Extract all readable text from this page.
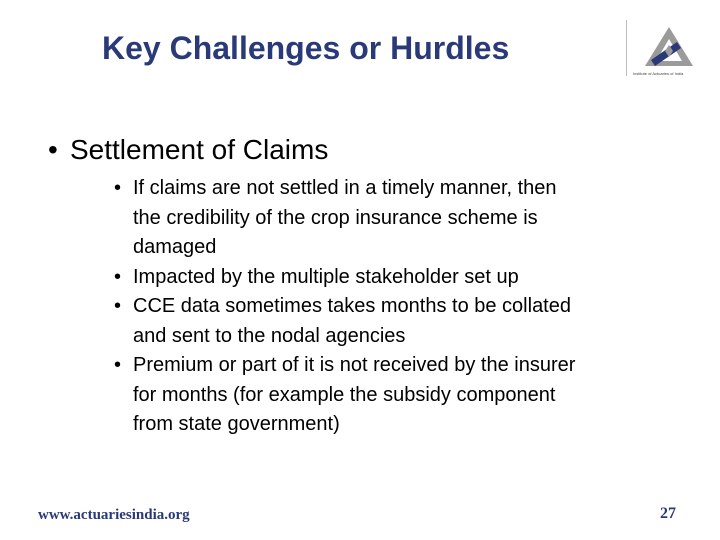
Key Challenges or Hurdles
Institute of Actuaries of India
• Settlement of Claims
• If claims are not settled in a timely manner, then
the credibility of the crop insurance scheme is
damaged
• Impacted by the multiple stakeholder set up
• CCE data sometimes takes months to be collated
and sent to the nodal agencies
• Premium or part of it is not received by the insurer
for months (for example the subsidy component
from state government)
www.actuariesindia.org	27
